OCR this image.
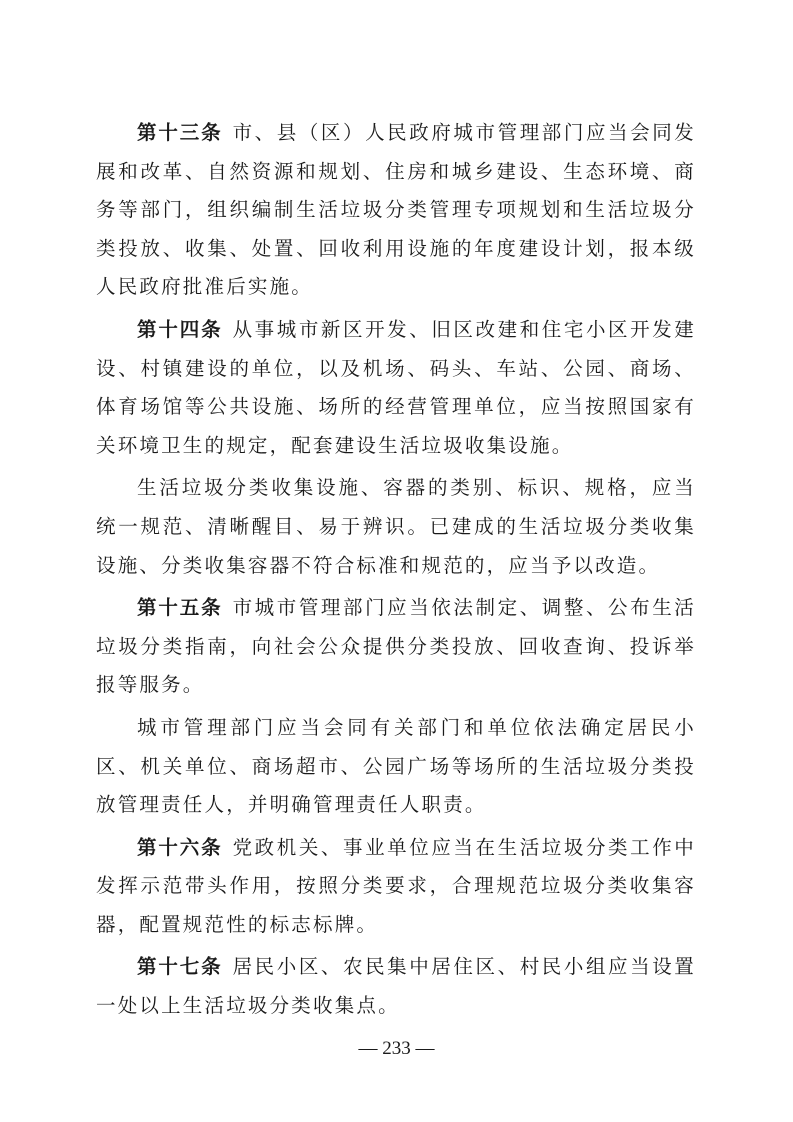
第十三条 市、县（区）人民政府城市管理部门应当会同发展和改革、自然资源和规划、住房和城乡建设、生态环境、商务等部门，组织编制生活垃圾分类管理专项规划和生活垃圾分类投放、收集、处置、回收利用设施的年度建设计划，报本级人民政府批准后实施。

第十四条 从事城市新区开发、旧区改建和住宅小区开发建设、村镇建设的单位，以及机场、码头、车站、公园、商场、体育场馆等公共设施、场所的经营管理单位，应当按照国家有关环境卫生的规定，配套建设生活垃圾收集设施。

生活垃圾分类收集设施、容器的类别、标识、规格，应当统一规范、清晰醒目、易于辨识。已建成的生活垃圾分类收集设施、分类收集容器不符合标准和规范的，应当予以改造。

第十五条 市城市管理部门应当依法制定、调整、公布生活垃圾分类指南，向社会公众提供分类投放、回收查询、投诉举报等服务。

城市管理部门应当会同有关部门和单位依法确定居民小区、机关单位、商场超市、公园广场等场所的生活垃圾分类投放管理责任人，并明确管理责任人职责。

第十六条 党政机关、事业单位应当在生活垃圾分类工作中发挥示范带头作用，按照分类要求，合理规范垃圾分类收集容器，配置规范性的标志标牌。

第十七条 居民小区、农民集中居住区、村民小组应当设置一处以上生活垃圾分类收集点。

— 233 —
